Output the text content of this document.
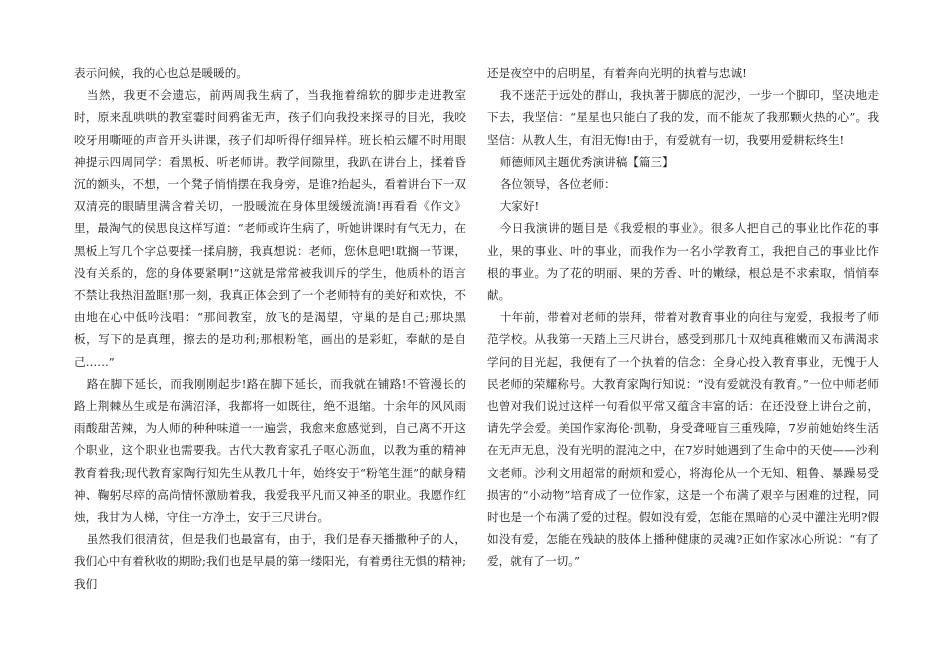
表示问候，我的心也总是暖暖的。

当然，我更不会遗忘，前两周我生病了，当我拖着绵软的脚步走进教室时，原来乱哄哄的教室霎时间鸦雀无声，孩子们向我投来探寻的目光，我咬咬牙用嘶哑的声音开头讲课，孩子们却听得仔细异样。班长柏云耀不时用眼神提示四周同学：看黑板、听老师讲。教学间隙里，我趴在讲台上，揉着昏沉的额头，不想，一个凳子悄悄摆在我身旁，是谁?抬起头，看着讲台下一双双清亮的眼睛里满含着关切，一股暖流在身体里缓缓流淌!再看看《作文》里，最淘气的侯思良这样写道：“老师或许生病了，听她讲课时有气无力，在黑板上写几个字总要揉一揉肩膀，我真想说：老师，您休息吧!耽搁一节课，没有关系的，您的身体要紧啊!”这就是常常被我训斥的学生，他质朴的语言不禁让我热泪盈眶!那一刻，我真正体会到了一个老师特有的美好和欢快，不由地在心中低吟浅唱：“那间教室，放飞的是渴望，守巢的是自己;那块黑板，写下的是真理，擦去的是功利;那根粉笔，画出的是彩虹，奉献的是自己……”

路在脚下延长，而我刚刚起步!路在脚下延长，而我就在铺路!不管漫长的路上荆棘丛生或是布满沼泽，我都将一如既往，绝不退缩。十余年的风风雨雨酸甜苦辣，为人师的种种味道一一遍尝，我愈来愈感觉到，自己离不开这个职业，这个职业也需要我。古代大教育家孔子呕心沥血，以教为重的精神教育着我;现代教育家陶行知先生从教几十年，始终安于“粉笔生涯”的献身精神、鞠躬尽瘁的高尚情怀激励着我，我爱我平凡而又神圣的职业。我愿作红烛，我甘为人梯，守住一方净土，安于三尺讲台。

虽然我们很清贫，但是我们也最富有，由于，我们是春天播撒种子的人，我们心中有着秋收的期盼;我们也是早晨的第一缕阳光，有着勇往无惧的精神;我们

还是夜空中的启明星，有着奔向光明的执着与忠诚!

我不迷茫于远处的群山，我执著于脚底的泥沙，一步一个脚印，坚决地走下去，我坚信：“星星也只能白了我的发，而不能灰了我那颗火热的心”。我坚信：从教人生，有泪无悔!由于，有爱就有一切，我要用爱耕耘终生!

师德师风主题优秀演讲稿【篇三】

各位领导，各位老师：

大家好!

今日我演讲的题目是《我爱根的事业》。很多人把自己的事业比作花的事业，果的事业、叶的事业，而我作为一名小学教育工，我把自己的事业比作根的事业。为了花的明丽、果的芳香、叶的嫩绿，根总是不求索取，悄悄奉献。

十年前，带着对老师的崇拜，带着对教育事业的向往与宠爱，我报考了师范学校。从我第一天踏上三尺讲台，感受到那几十双纯真稚嫩而又布满渴求学问的目光起，我便有了一个执着的信念：全身心投入教育事业，无愧于人民老师的荣耀称号。大教育家陶行知说：“没有爱就没有教育。”一位中师老师也曾对我们说过这样一句看似平常又蕴含丰富的话：在还没登上讲台之前，请先学会爱。美国作家海伦·凯勒，身受聋哑盲三重残障，7岁前她始终生活在无声无息，没有光明的混沌之中，在7岁时她遇到了生命中的天使——沙利文老师。沙利文用超常的耐烦和爱心，将海伦从一个无知、粗鲁、暴躁易受损害的“小动物”培育成了一位作家，这是一个布满了艰辛与困难的过程，同时也是一个布满了爱的过程。假如没有爱，怎能在黑暗的心灵中灌注光明?假如没有爱，怎能在残缺的肢体上播种健康的灵魂?正如作家冰心所说：“有了爱，就有了一切。”
